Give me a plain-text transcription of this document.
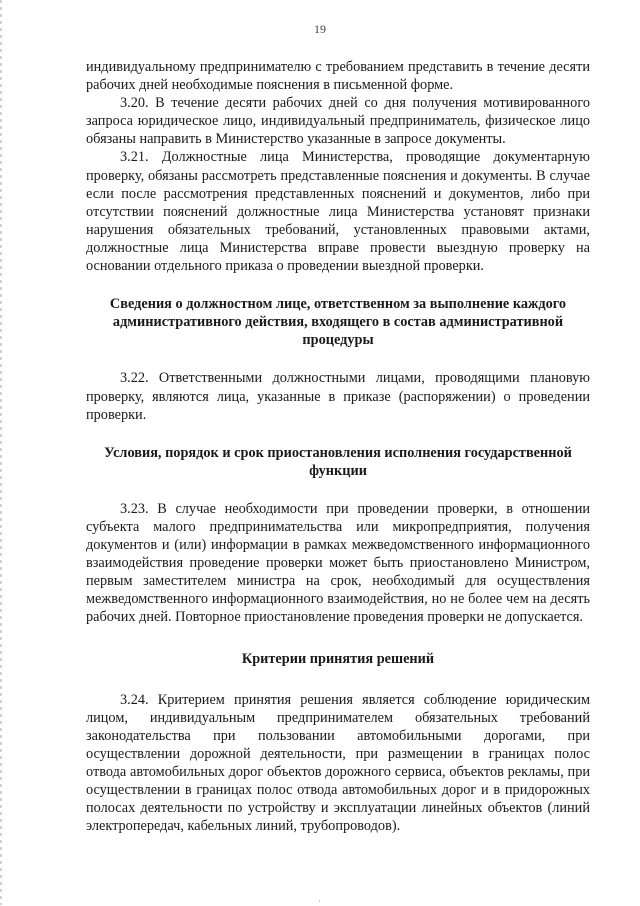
19

индивидуальному предпринимателю с требованием представить в течение десяти рабочих дней необходимые пояснения в письменной форме.

3.20. В течение десяти рабочих дней со дня получения мотивированного запроса юридическое лицо, индивидуальный предприниматель, физическое лицо обязаны направить в Министерство указанные в запросе документы.

3.21. Должностные лица Министерства, проводящие документарную проверку, обязаны рассмотреть представленные пояснения и документы. В случае если после рассмотрения представленных пояснений и документов, либо при отсутствии пояснений должностные лица Министерства установят признаки нарушения обязательных требований, установленных правовыми актами, должностные лица Министерства вправе провести выездную проверку на основании отдельного приказа о проведении выездной проверки.

Сведения о должностном лице, ответственном за выполнение каждого административного действия, входящего в состав административной процедуры

3.22. Ответственными должностными лицами, проводящими плановую проверку, являются лица, указанные в приказе (распоряжении) о проведении проверки.

Условия, порядок и срок приостановления исполнения государственной функции

3.23. В случае необходимости при проведении проверки, в отношении субъекта малого предпринимательства или микропредприятия, получения документов и (или) информации в рамках межведомственного информационного взаимодействия проведение проверки может быть приостановлено Министром, первым заместителем министра на срок, необходимый для осуществления межведомственного информационного взаимодействия, но не более чем на десять рабочих дней. Повторное приостановление проведения проверки не допускается.

Критерии принятия решений

3.24. Критерием принятия решения является соблюдение юридическим лицом, индивидуальным предпринимателем обязательных требований законодательства при пользовании автомобильными дорогами, при осуществлении дорожной деятельности, при размещении в границах полос отвода автомобильных дорог объектов дорожного сервиса, объектов рекламы, при осуществлении в границах полос отвода автомобильных дорог и в придорожных полосах деятельности по устройству и эксплуатации линейных объектов (линий электропередач, кабельных линий, трубопроводов).

·
